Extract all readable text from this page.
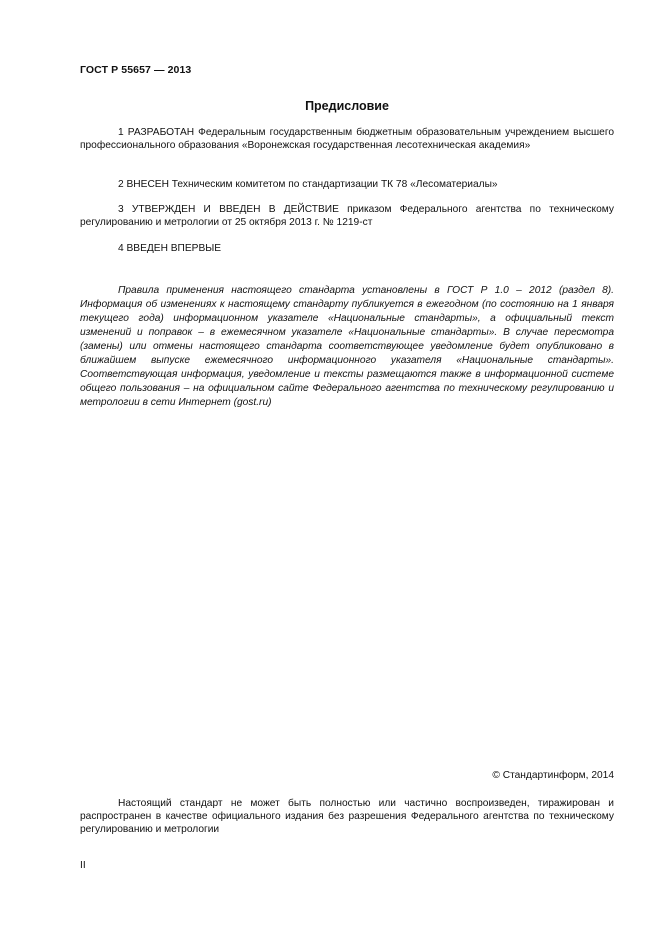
ГОСТ Р 55657 — 2013
Предисловие

1 РАЗРАБОТАН Федеральным государственным бюджетным образовательным учреждением высшего профессионального образования «Воронежская государственная лесотехническая академия»

2 ВНЕСЕН Техническим комитетом по стандартизации ТК 78 «Лесоматериалы»

3 УТВЕРЖДЕН И ВВЕДЕН В ДЕЙСТВИЕ приказом Федерального агентства по техническому регулированию и метрологии от 25 октября 2013 г. № 1219-ст

4 ВВЕДЕН ВПЕРВЫЕ

Правила применения настоящего стандарта установлены в ГОСТ Р 1.0 – 2012 (раздел 8). Информация об изменениях к настоящему стандарту публикуется в ежегодном (по состоянию на 1 января текущего года) информационном указателе «Национальные стандарты», а официальный текст изменений и поправок – в ежемесячном указателе «Национальные стандарты». В случае пересмотра (замены) или отмены настоящего стандарта соответствующее уведомление будет опубликовано в ближайшем выпуске ежемесячного информационного указателя «Национальные стандарты». Соответствующая информация, уведомление и тексты размещаются также в информационной системе общего пользования – на официальном сайте Федерального агентства по техническому регулированию и метрологии в сети Интернет (gost.ru)

© Стандартинформ, 2014

Настоящий стандарт не может быть полностью или частично воспроизведен, тиражирован и распространен в качестве официального издания без разрешения Федерального агентства по техническому регулированию и метрологии

II
